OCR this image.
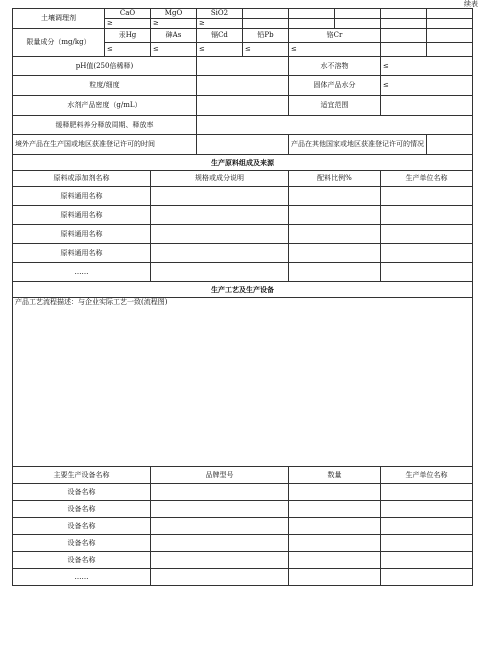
续表
土壤调理剂	CaO	MgO	SiO2					
	≥	≥	≥					
限量成分（mg/kg）	汞Hg	砷As	镉Cd	铅Pb	铬Cr			
	≤	≤	≤	≤	≤			
pH值(250倍稀释)					水不溶物		≤	
粒度/细度					固体产品水分		≤	
水剂产品密度（g/mL）					适宜范围			
缓释肥料养分释放周期、释放率								
境外产品在生产国或地区获准登记许可的时间					产品在其他国家或地区获准登记许可的情况			
生产原料组成及来源								
原料或添加剂名称		规格或成分说明			配料比例%		生产单位名称	
原料通用名称								
原料通用名称								
原料通用名称								
原料通用名称								
……								
生产工艺及生产设备								
产品工艺流程描述：与企业实际工艺一致(流程图)								
主要生产设备名称		品牌型号			数量		生产单位名称	
设备名称								
设备名称								
设备名称								
设备名称								
设备名称								
……								
